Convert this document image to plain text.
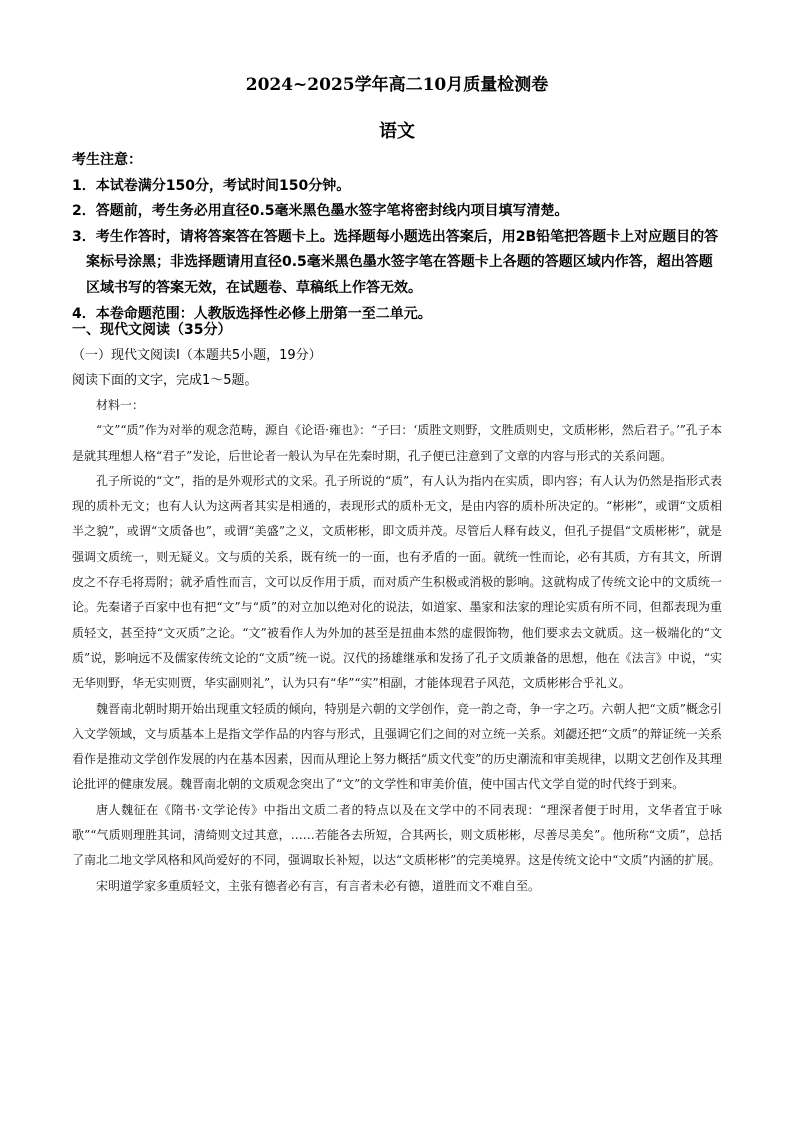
2024~2025学年高二10月质量检测卷
语文

考生注意：

1．本试卷满分150分，考试时间150分钟。

2．答题前，考生务必用直径0.5毫米黑色墨水签字笔将密封线内项目填写清楚。

3．考生作答时，请将答案答在答题卡上。选择题每小题选出答案后，用2B铅笔把答题卡上对应题目的答案标号涂黑；非选择题请用直径0.5毫米黑色墨水签字笔在答题卡上各题的答题区域内作答，超出答题区域书写的答案无效，在试题卷、草稿纸上作答无效。

4．本卷命题范围：人教版选择性必修上册第一至二单元。

一、现代文阅读（35分）

（一）现代文阅读Ⅰ（本题共5小题，19分）

阅读下面的文字，完成1～5题。

材料一：

“文”“质”作为对举的观念范畴，源自《论语·雍也》：“子曰：‘质胜文则野，文胜质则史，文质彬彬，然后君子。’”孔子本是就其理想人格“君子”发论，后世论者一般认为早在先秦时期，孔子便已注意到了文章的内容与形式的关系问题。

孔子所说的“文”，指的是外观形式的文采。孔子所说的“质”，有人认为指内在实质，即内容；有人认为仍然是指形式表现的质朴无文；也有人认为这两者其实是相通的，表现形式的质朴无文，是由内容的质朴所决定的。“彬彬”，或谓“文质相半之貌”，或谓“文质备也”，或谓“美盛”之义，文质彬彬，即文质并茂。尽管后人释有歧义，但孔子提倡“文质彬彬”，就是强调文质统一，则无疑义。文与质的关系，既有统一的一面，也有矛盾的一面。就统一性而论，必有其质，方有其文，所谓皮之不存毛将焉附；就矛盾性而言，文可以反作用于质，而对质产生积极或消极的影响。这就构成了传统文论中的文质统一论。先秦诸子百家中也有把“文”与“质”的对立加以绝对化的说法，如道家、墨家和法家的理论实质有所不同，但都表现为重质轻文，甚至持“文灭质”之论。“文”被看作人为外加的甚至是扭曲本然的虚假饰物，他们要求去文就质。这一极端化的“文质”说，影响远不及儒家传统文论的“文质”统一说。汉代的扬雄继承和发扬了孔子文质兼备的思想，他在《法言》中说，“实无华则野，华无实则贾，华实副则礼”，认为只有“华”“实”相副，才能体现君子风范，文质彬彬合乎礼义。

魏晋南北朝时期开始出现重文轻质的倾向，特别是六朝的文学创作，竞一韵之奇，争一字之巧。六朝人把“文质”概念引入文学领域，文与质基本上是指文学作品的内容与形式，且强调它们之间的对立统一关系。刘勰还把“文质”的辩证统一关系看作是推动文学创作发展的内在基本因素，因而从理论上努力概括“质文代变”的历史潮流和审美规律，以期文艺创作及其理论批评的健康发展。魏晋南北朝的文质观念突出了“文”的文学性和审美价值，使中国古代文学自觉的时代终于到来。

唐人魏征在《隋书·文学论传》中指出文质二者的特点以及在文学中的不同表现：“理深者便于时用，文华者宜于咏歌”“气质则理胜其词，清绮则文过其意，……若能各去所短，合其两长，则文质彬彬，尽善尽美矣”。他所称“文质”，总括了南北二地文学风格和风尚爱好的不同，强调取长补短，以达“文质彬彬”的完美境界。这是传统文论中“文质”内涵的扩展。

宋明道学家多重质轻文，主张有德者必有言，有言者未必有德，道胜而文不难自至。
